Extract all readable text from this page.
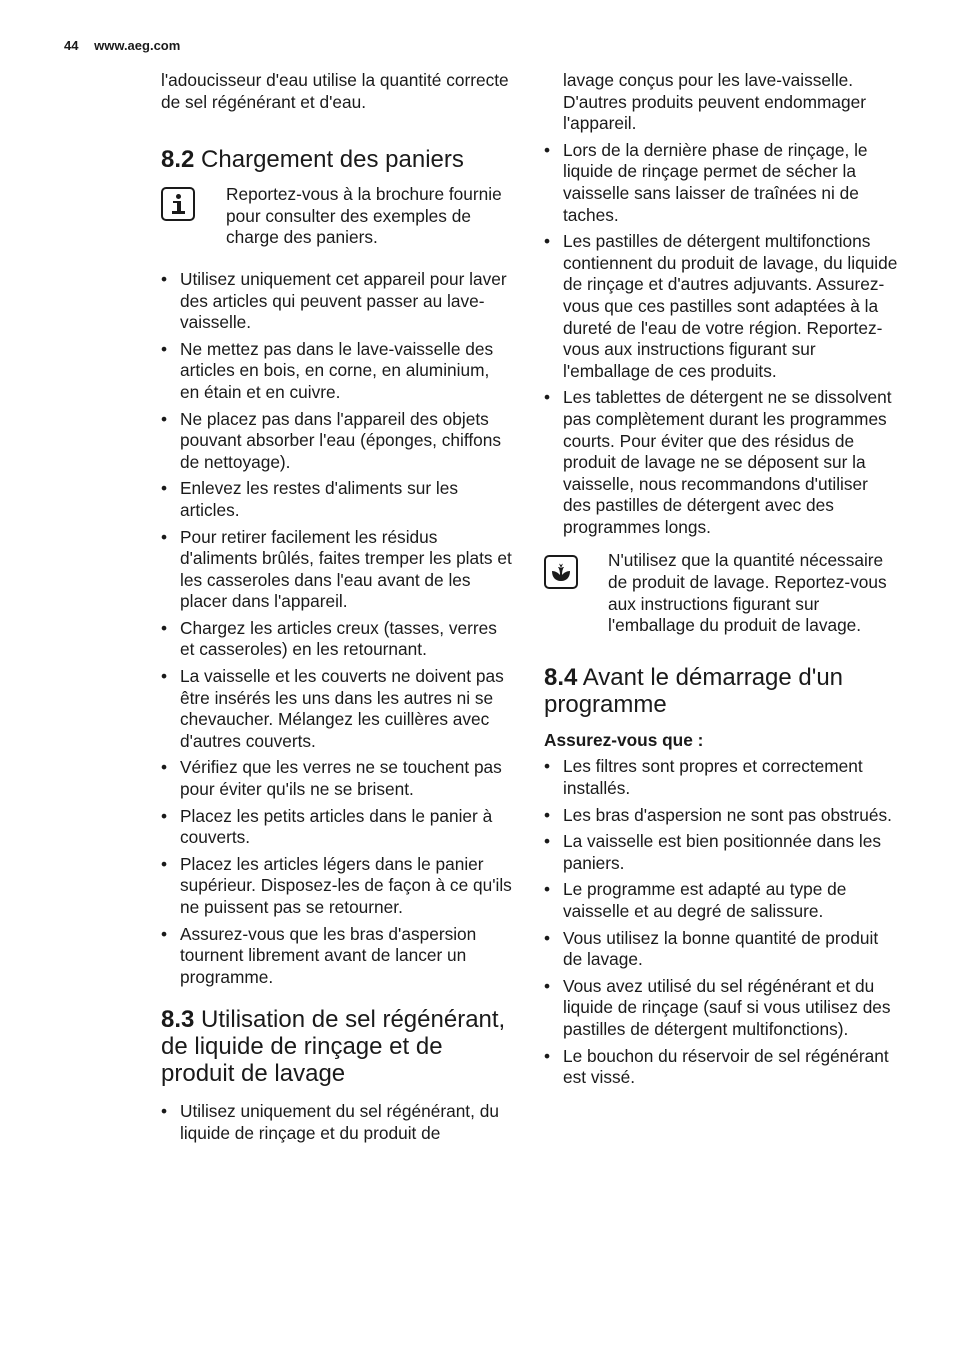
44 www.aeg.com

l'adoucisseur d'eau utilise la quantité correcte de sel régénérant et d'eau.

8.2 Chargement des paniers
Reportez-vous à la brochure fournie pour consulter des exemples de charge des paniers.
• Utilisez uniquement cet appareil pour laver des articles qui peuvent passer au lave-vaisselle.
• Ne mettez pas dans le lave-vaisselle des articles en bois, en corne, en aluminium, en étain et en cuivre.
• Ne placez pas dans l'appareil des objets pouvant absorber l'eau (éponges, chiffons de nettoyage).
• Enlevez les restes d'aliments sur les articles.
• Pour retirer facilement les résidus d'aliments brûlés, faites tremper les plats et les casseroles dans l'eau avant de les placer dans l'appareil.
• Chargez les articles creux (tasses, verres et casseroles) en les retournant.
• La vaisselle et les couverts ne doivent pas être insérés les uns dans les autres ni se chevaucher. Mélangez les cuillères avec d'autres couverts.
• Vérifiez que les verres ne se touchent pas pour éviter qu'ils ne se brisent.
• Placez les petits articles dans le panier à couverts.
• Placez les articles légers dans le panier supérieur. Disposez-les de façon à ce qu'ils ne puissent pas se retourner.
• Assurez-vous que les bras d'aspersion tournent librement avant de lancer un programme.
8.3 Utilisation de sel régénérant, de liquide de rinçage et de produit de lavage
• Utilisez uniquement du sel régénérant, du liquide de rinçage et du produit de

lavage conçus pour les lave-vaisselle. D'autres produits peuvent endommager l'appareil.

• Lors de la dernière phase de rinçage, le liquide de rinçage permet de sécher la vaisselle sans laisser de traînées ni de taches.
• Les pastilles de détergent multifonctions contiennent du produit de lavage, du liquide de rinçage et d'autres adjuvants. Assurez-vous que ces pastilles sont adaptées à la dureté de l'eau de votre région. Reportez-vous aux instructions figurant sur l'emballage de ces produits.
• Les tablettes de détergent ne se dissolvent pas complètement durant les programmes courts. Pour éviter que des résidus de produit de lavage ne se déposent sur la vaisselle, nous recommandons d'utiliser des pastilles de détergent avec des programmes longs.
N'utilisez que la quantité nécessaire de produit de lavage. Reportez-vous aux instructions figurant sur l'emballage du produit de lavage.
8.4 Avant le démarrage d'un programme
Assurez-vous que :
• Les filtres sont propres et correctement installés.
• Les bras d'aspersion ne sont pas obstrués.
• La vaisselle est bien positionnée dans les paniers.
• Le programme est adapté au type de vaisselle et au degré de salissure.
• Vous utilisez la bonne quantité de produit de lavage.
• Vous avez utilisé du sel régénérant et du liquide de rinçage (sauf si vous utilisez des pastilles de détergent multifonctions).
• Le bouchon du réservoir de sel régénérant est vissé.
